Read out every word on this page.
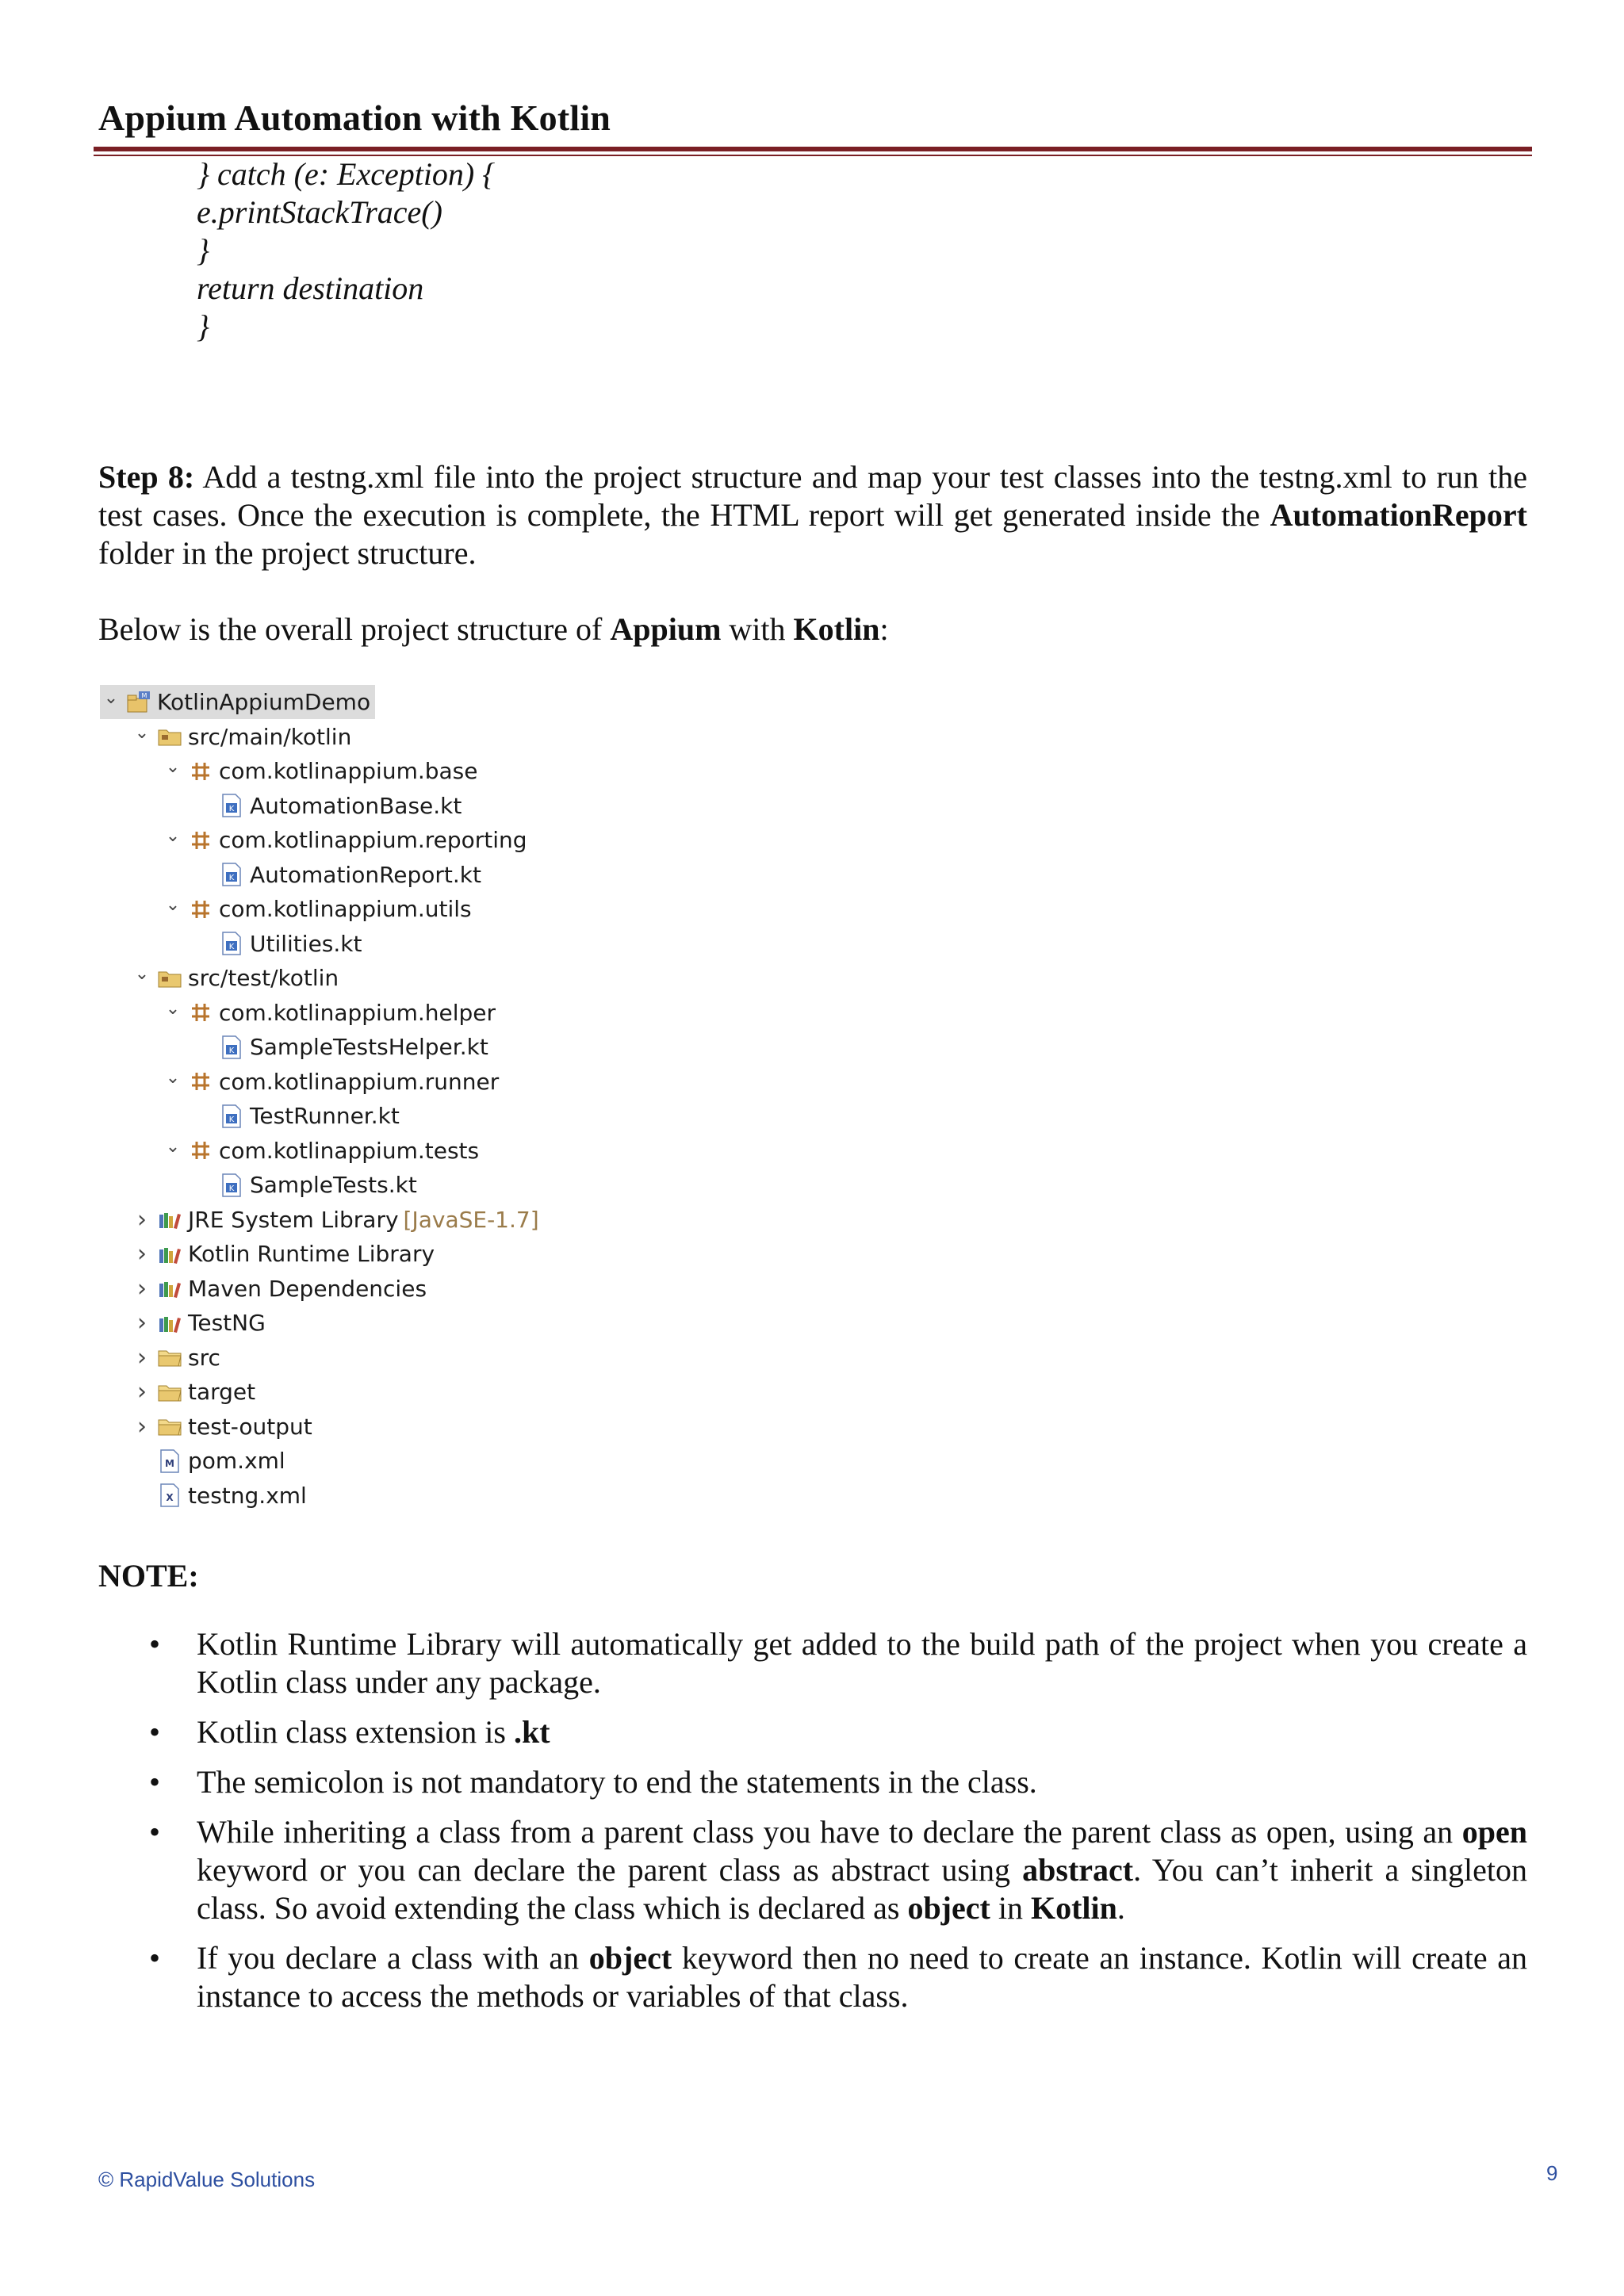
Appium Automation with Kotlin
} catch (e: Exception) {
e.printStackTrace()
}
return destination
}
Step 8: Add a testng.xml file into the project structure and map your test classes into the testng.xml to run the test cases. Once the execution is complete, the HTML report will get generated inside the AutomationReport folder in the project structure.
Below is the overall project structure of Appium with Kotlin:
⌄	M KotlinAppiumDemo
⌄ src/main/kotlin
⌄ com.kotlinappium.base
K AutomationBase.kt
⌄ com.kotlinappium.reporting
K AutomationReport.kt
⌄ com.kotlinappium.utils
K Utilities.kt
⌄ src/test/kotlin
⌄ com.kotlinappium.helper
K SampleTestsHelper.kt
⌄ com.kotlinappium.runner
K TestRunner.kt
⌄ com.kotlinappium.tests
K SampleTests.kt
› JRE System Library [JavaSE-1.7]
› Kotlin Runtime Library
› Maven Dependencies
› TestNG
› src
› target
› test-output
M pom.xml
X testng.xml
NOTE:
• Kotlin Runtime Library will automatically get added to the build path of the project when you create a Kotlin class under any package.
• Kotlin class extension is .kt
• The semicolon is not mandatory to end the statements in the class.
• While inheriting a class from a parent class you have to declare the parent class as open, using an open keyword or you can declare the parent class as abstract using abstract. You can’t inherit a singleton class. So avoid extending the class which is declared as object in Kotlin.
• If you declare a class with an object keyword then no need to create an instance. Kotlin will create an instance to access the methods or variables of that class.
© RapidValue Solutions	9
